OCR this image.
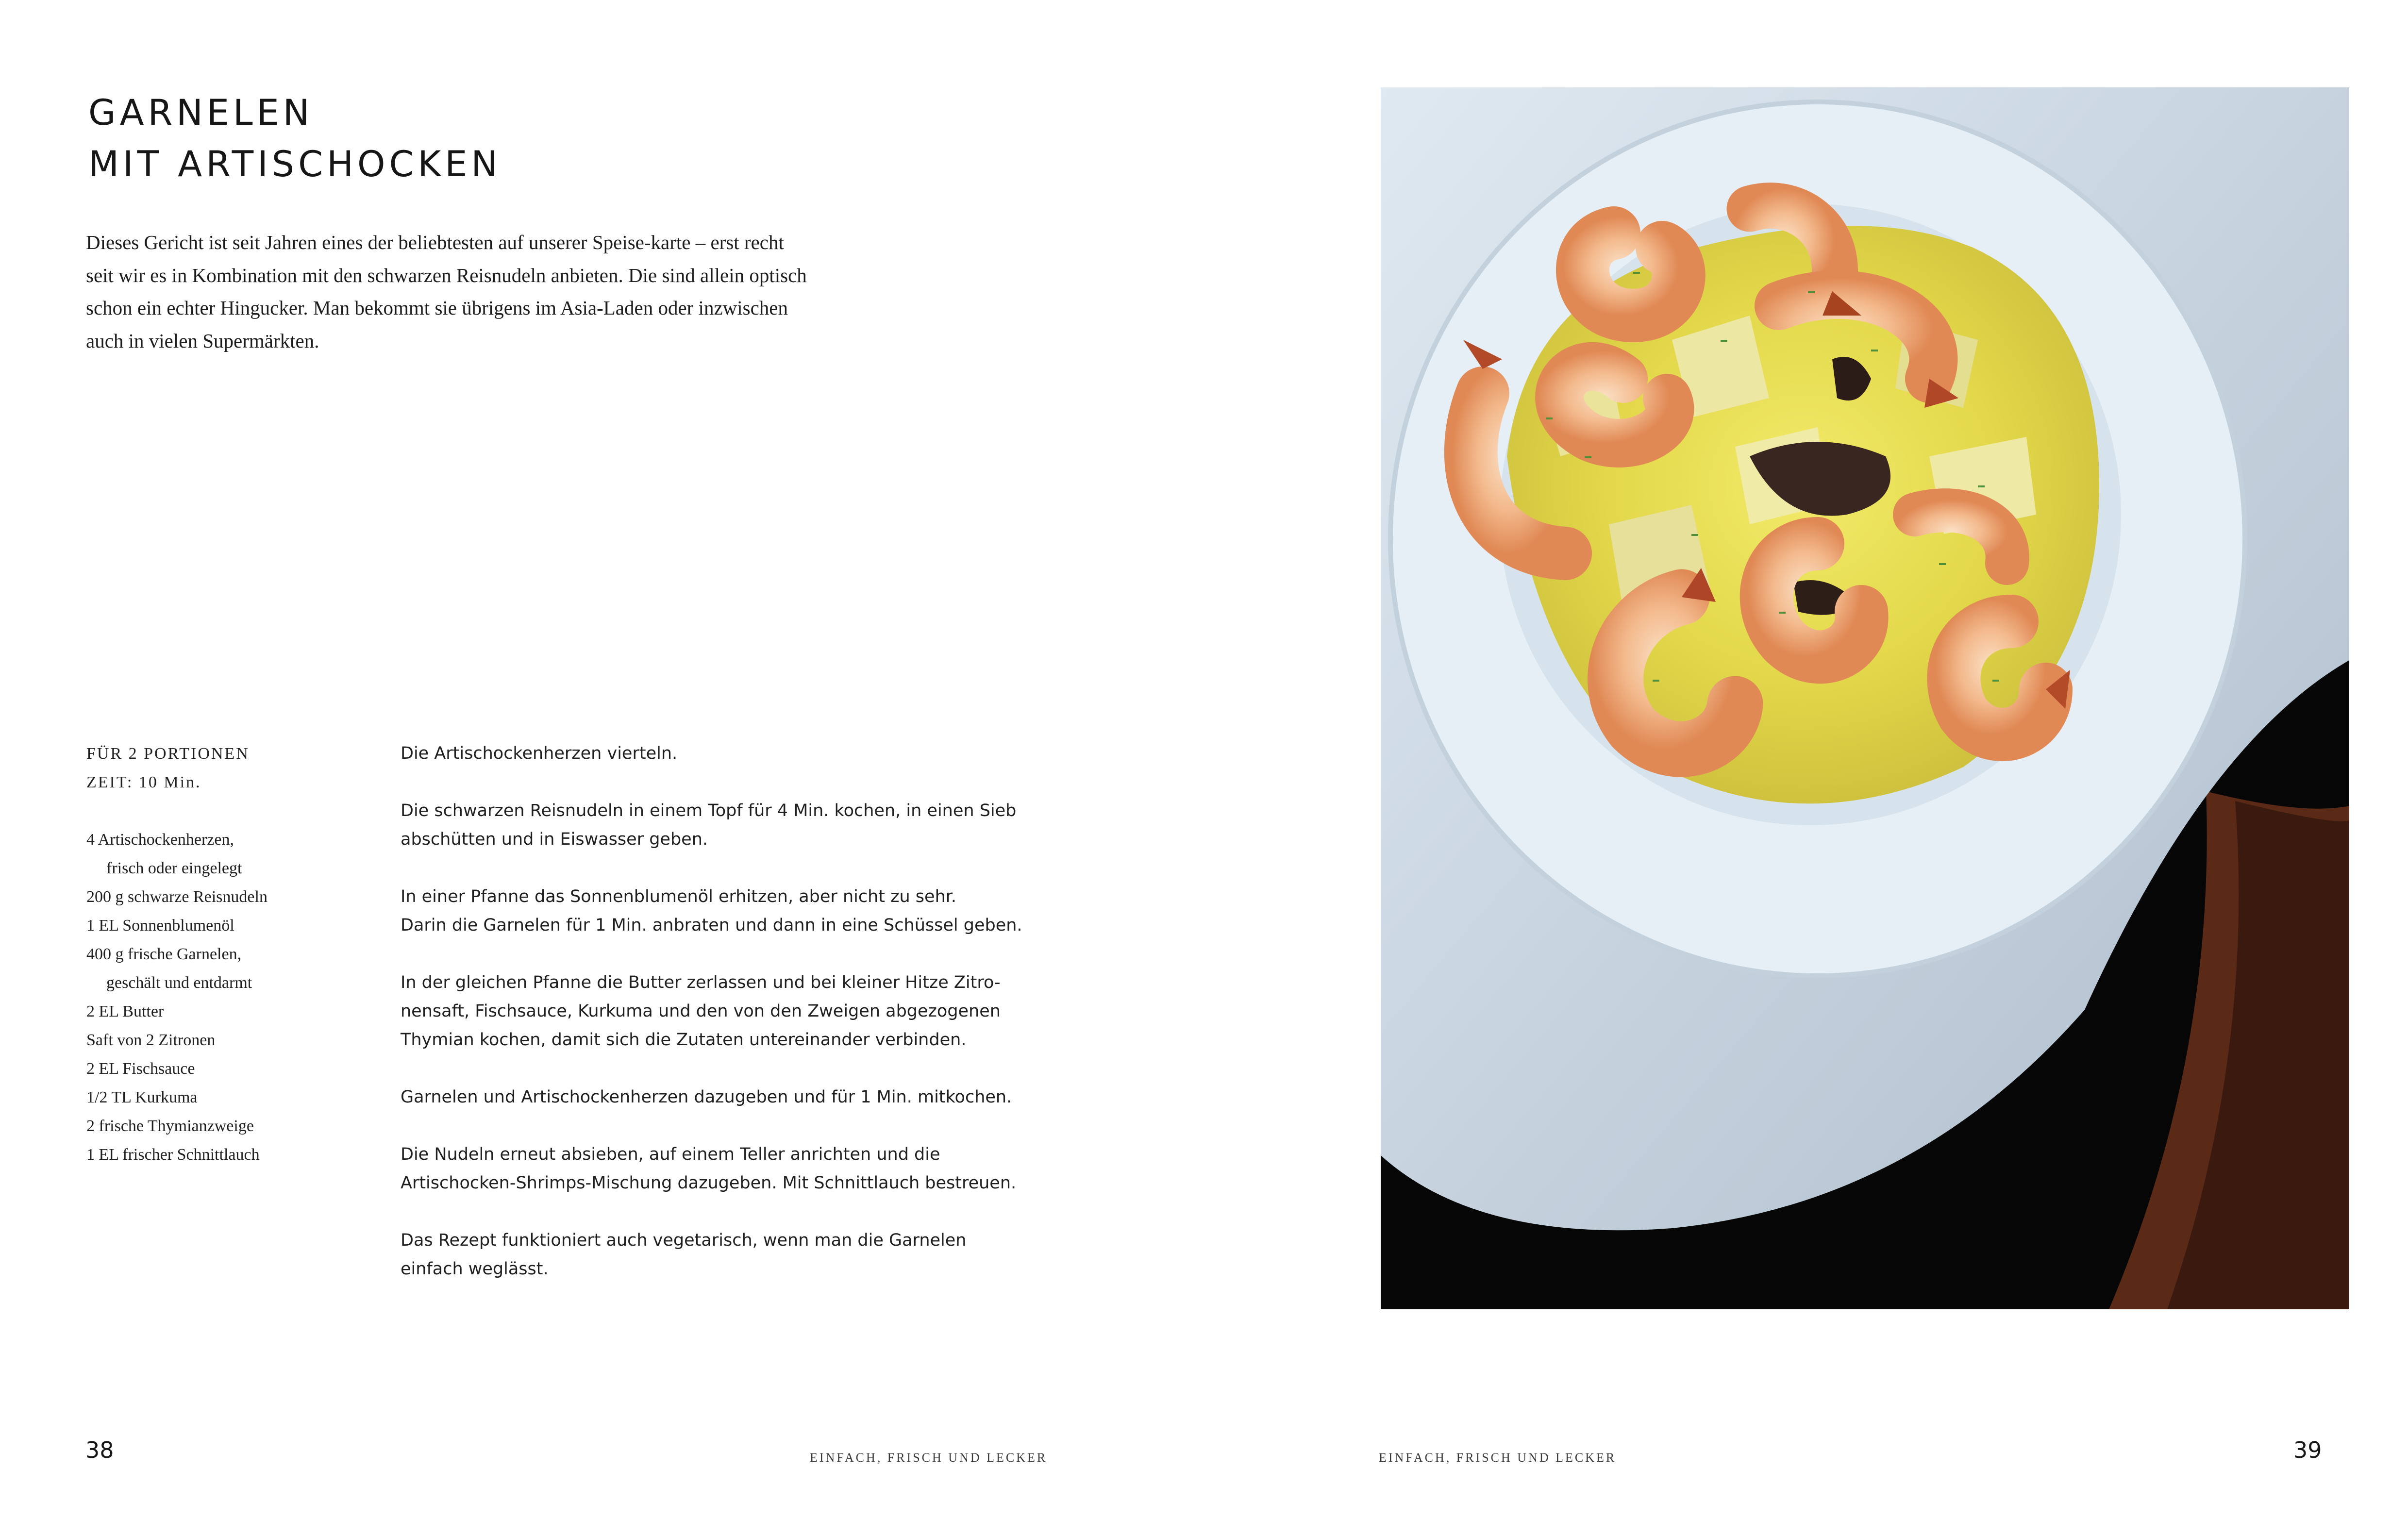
GARNELEN
MIT ARTISCHOCKEN

Dieses Gericht ist seit Jahren eines der beliebtesten auf unserer Speise-karte – erst recht
seit wir es in Kombination mit den schwarzen Reisnudeln anbieten. Die sind allein optisch
schon ein echter Hingucker. Man bekommt sie übrigens im Asia-Laden oder inzwischen
auch in vielen Supermärkten.

FÜR 2 PORTIONEN
ZEIT: 10 Min.
4 Artischockenherzen,
frisch oder eingelegt
200 g schwarze Reisnudeln
1 EL Sonnenblumenöl
400 g frische Garnelen,
geschält und entdarmt
2 EL Butter
Saft von 2 Zitronen
2 EL Fischsauce
1/2 TL Kurkuma
2 frische Thymianzweige
1 EL frischer Schnittlauch

Die Artischockenherzen vierteln.

Die schwarzen Reisnudeln in einem Topf für 4 Min. kochen, in einen Sieb
abschütten und in Eiswasser geben.

In einer Pfanne das Sonnenblumenöl erhitzen, aber nicht zu sehr.
Darin die Garnelen für 1 Min. anbraten und dann in eine Schüssel geben.

In der gleichen Pfanne die Butter zerlassen und bei kleiner Hitze Zitro-
nensaft, Fischsauce, Kurkuma und den von den Zweigen abgezogenen
Thymian kochen, damit sich die Zutaten untereinander verbinden.

Garnelen und Artischockenherzen dazugeben und für 1 Min. mitkochen.

Die Nudeln erneut absieben, auf einem Teller anrichten und die
Artischocken-Shrimps-Mischung dazugeben. Mit Schnittlauch bestreuen.

Das Rezept funktioniert auch vegetarisch, wenn man die Garnelen
einfach weglässt.

38	EINFACH, FRISCH UND LECKER	EINFACH, FRISCH UND LECKER	39
